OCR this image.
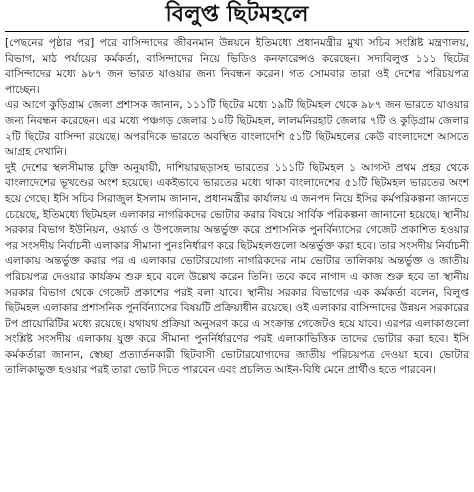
বিলুপ্ত ছিটমহলে

[পেছনের পৃষ্ঠার পর] পরে বাসিন্দাদের জীবনমান উন্নয়নে ইতিমধ্যে প্রধানমন্ত্রীর মুখ্য সচিব সংশ্লিষ্ট মন্ত্রণালয়, বিভাগ, মাঠ পর্যায়ের কর্মকর্তা, বাসিন্দাদের নিয়ে ভিডিও কনফারেন্সও করেছেন। সদ্যবিলুপ্ত ১১১ ছিটের বাসিন্দাদের মধ্যে ৯৮৭ জন ভারত যাওয়ার জন্য নিবন্ধন করেন। গত সোমবার তারা ওই দেশের পরিচয়পত্র পাচ্ছেন।

এর আগে কুড়িগ্রাম জেলা প্রশাসক জানান, ১১১টি ছিটের মধ্যে ১৯টি ছিটমহল থেকে ৯৮৭ জন ভারতে যাওয়ার জন্য নিবন্ধন করেছেন। এর মধ্যে পঞ্চগড় জেলার ১০টি ছিটমহল, লালমনিরহাট জেলার ৭টি ও কুড়িগ্রাম জেলার ২টি ছিটের বাসিন্দা রয়েছে। অপরদিকে ভারতে অবস্থিত বাংলাদেশি ৫১টি ছিটমহলের কেউ বাংলাদেশে আসতে আগ্রহ দেখানি।

দুই দেশের স্থলসীমান্ত চুক্তি অনুযায়ী, দাশিয়ারছড়াসহ ভারতের ১১১টি ছিটমহল ১ আগস্ট প্রথম প্রহর থেকে বাংলাদেশের ভূখণ্ডের অংশ হয়েছে। একইভাবে ভারতের মধ্যে থাকা বাংলাদেশের ৫১টি ছিটমহল ভারতের অংশ হয়ে গেছে। ইসি সচিব সিরাজুল ইসলাম জানান, প্রধানমন্ত্রীর কার্যালয় এ জনপদ নিয়ে ইসির কর্মপরিকল্পনা জানতে চেয়েছে, ইতিমধ্যে ছিটমহল এলাকার নাগরিকদের ভোটার করার বিষয়ে সার্বিক পরিকল্পনা জানানো হয়েছে। স্থানীয় সরকার বিভাগ ইউনিয়ন, ওয়ার্ড ও উপজেলায় অন্তর্ভুক্ত করে প্রশাসনিক পুনর্বিন্যাসের গেজেট প্রকাশিত হওয়ার পর সংসদীয় নির্বাচনী এলাকার সীমানা পুনঃনির্ধারণ করে ছিটমহলগুলো অন্তর্ভুক্ত করা হবে। তার সংসদীয় নির্বাচনী এলাকায় অন্তর্ভুক্ত করার পর এ এলাকার ভোটারযোগ্য নাগরিকদের নাম ভোটার তালিকায় অন্তর্ভুক্ত ও জাতীয় পরিচয়পত্র দেওয়ার কার্যক্রম শুরু হবে বলে উল্লেখ করেন তিনি। তবে কবে নাগাদ এ কাজ শুরু হবে তা স্থানীয় সরকার বিভাগ থেকে গেজেট প্রকাশের পরই বলা যাবে। স্থানীয় সরকার বিভাগের এক কর্মকর্তা বলেন, বিলুপ্ত ছিটমহল এলাকার প্রশাসনিক পুনর্বিন্যাসের বিষয়টি প্রক্রিয়াধীন রয়েছে। ওই এলাকার বাসিন্দাদের উন্নয়ন সরকারের টপ প্রায়োরিটির মধ্যে রয়েছে। যথাযথ প্রক্রিয়া অনুসরণ করে এ সংক্রান্ত গেজেটও হয়ে যাবে। এরপর এলাকাগুলো সংশ্লিষ্ট সংসদীয় এলাকায় যুক্ত করে সীমানা পুনর্নির্ধারণের পরই এলাকাভিত্তিক তাদের ভোটার করা হবে। ইসি কর্মকর্তারা জানান, স্বেচ্ছা প্রত্যার্তনকারী ছিটবাসী ভোটারযোগ্যদের জাতীয় পরিচয়পত্র দেওয়া হবে। ভোটার তালিকাভুক্ত হওয়ার পরই তারা ভোট দিতে পারবেন এবং প্রচলিত আইন-বিধি মেনে প্রার্থীও হতে পারবেন।
